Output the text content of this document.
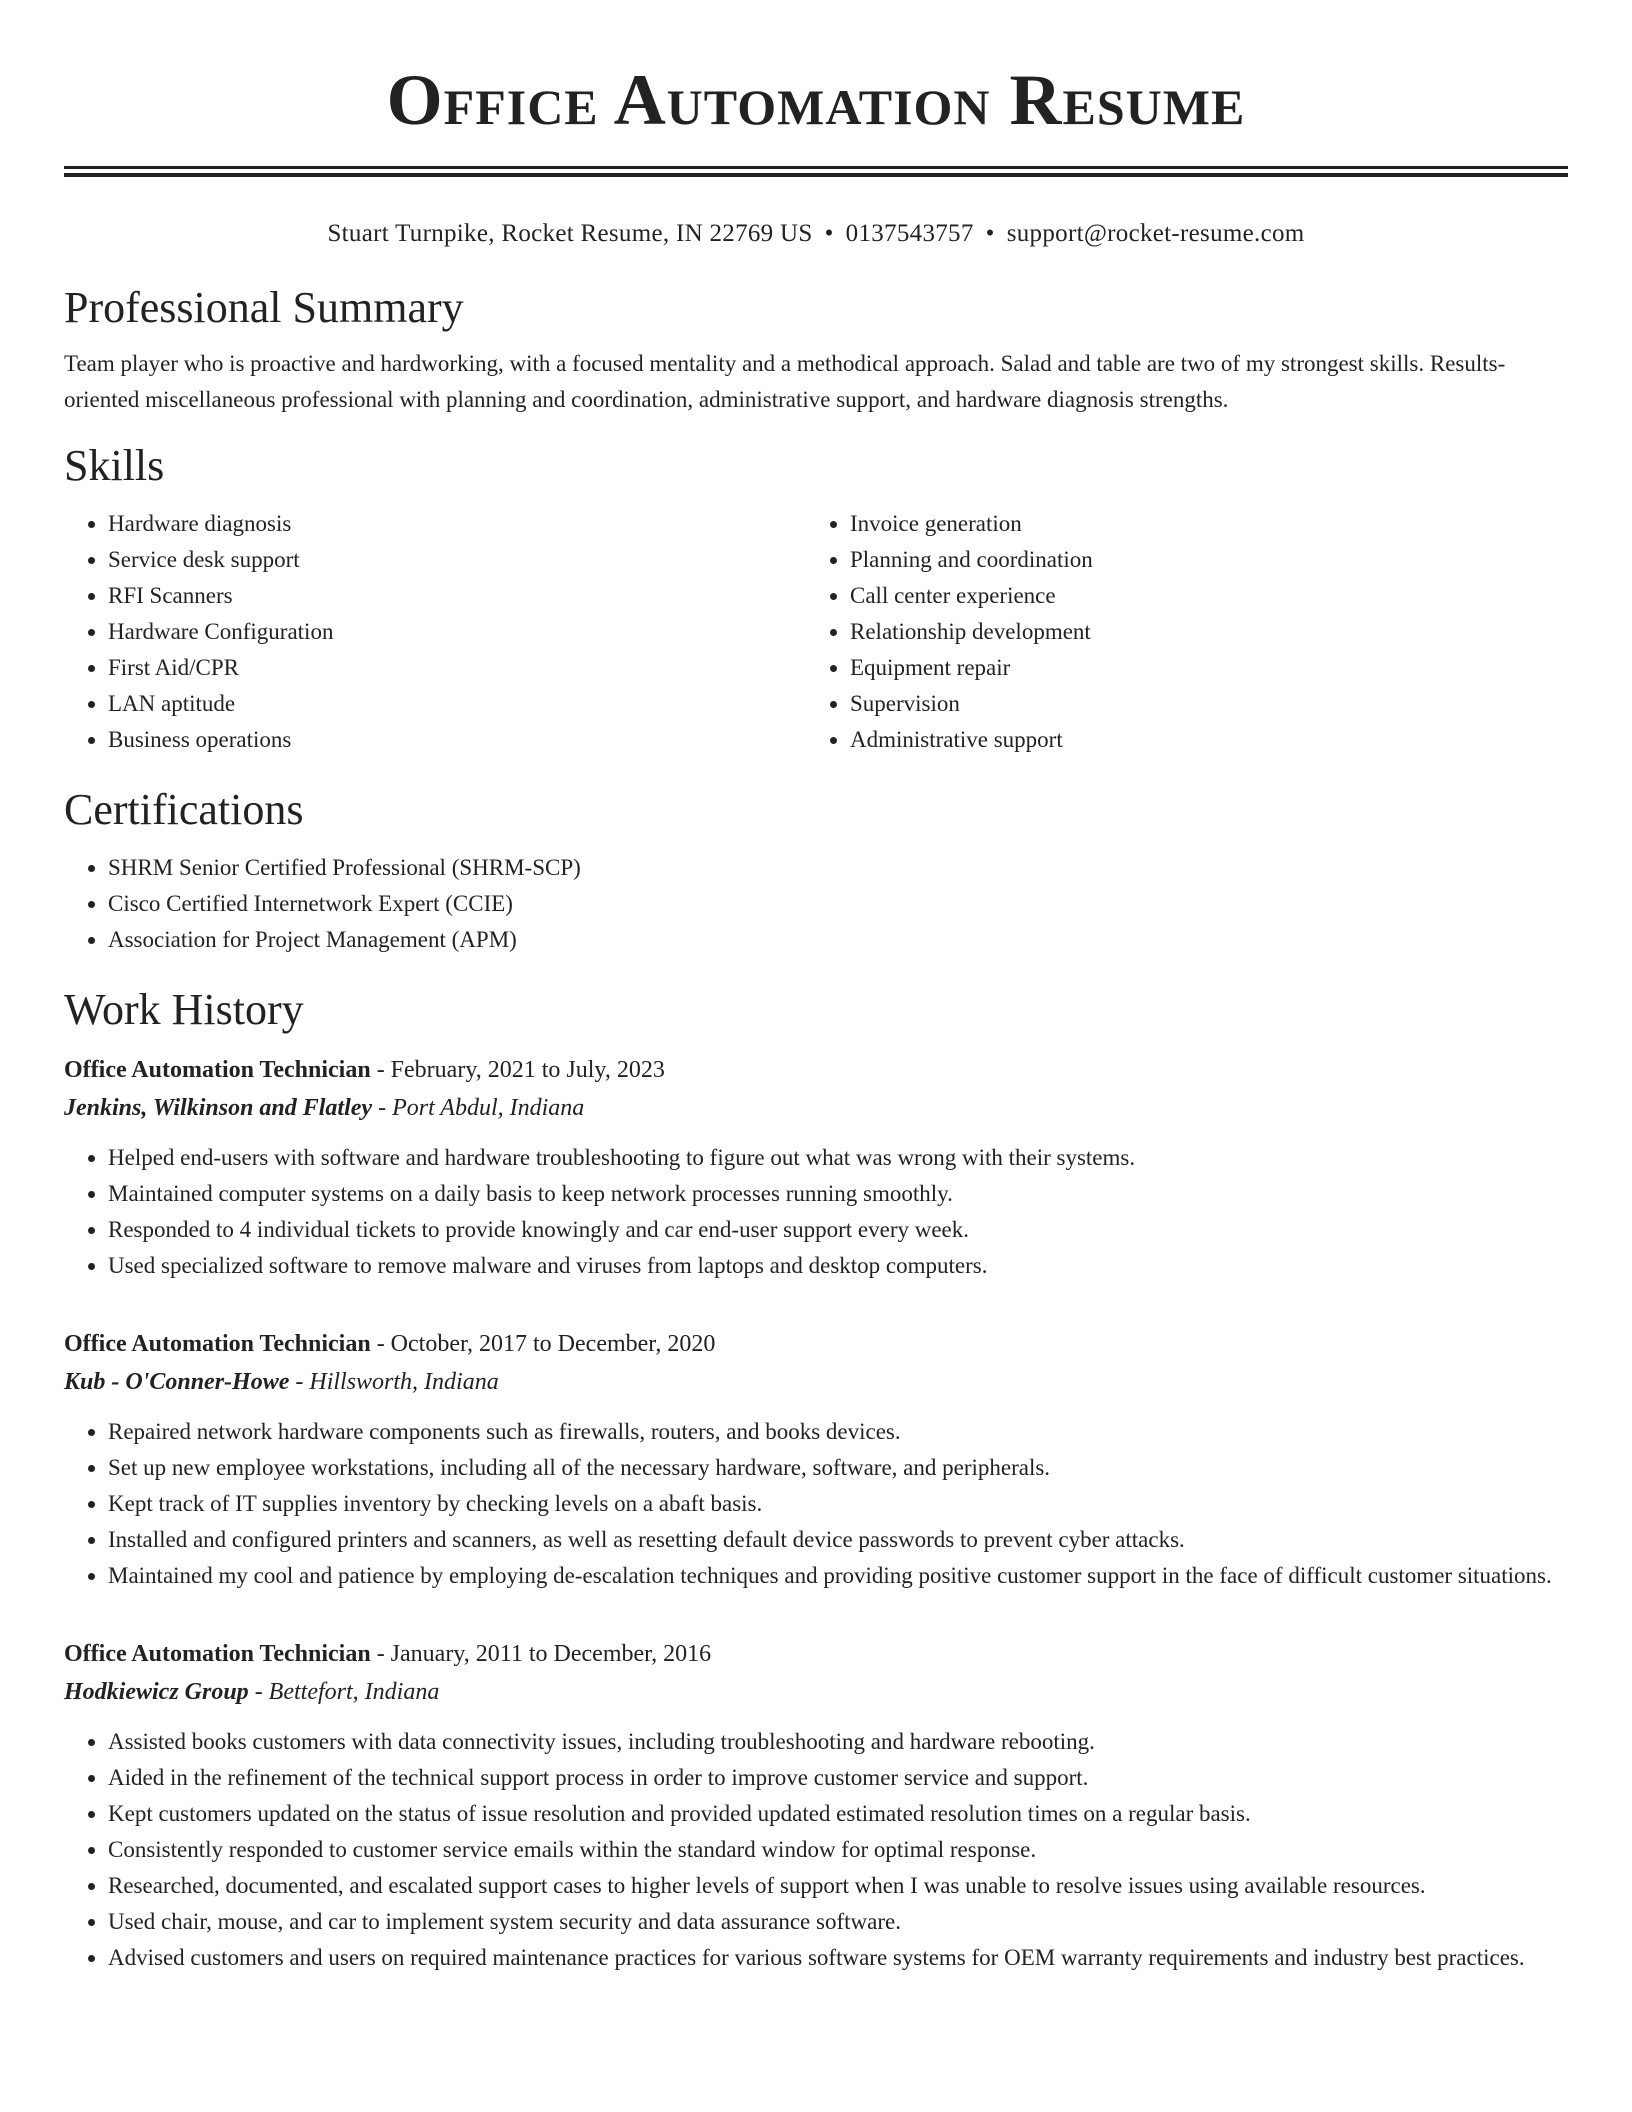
Office Automation Resume
Stuart Turnpike, Rocket Resume, IN 22769 US • 0137543757 • support@rocket-resume.com
Professional Summary

Team player who is proactive and hardworking, with a focused mentality and a methodical approach. Salad and table are two of my strongest skills. Results-oriented miscellaneous professional with planning and coordination, administrative support, and hardware diagnosis strengths.

Skills
• Hardware diagnosis
• Service desk support
• RFI Scanners
• Hardware Configuration
• First Aid/CPR
• LAN aptitude
• Business operations
• Invoice generation
• Planning and coordination
• Call center experience
• Relationship development
• Equipment repair
• Supervision
• Administrative support
Certifications
• SHRM Senior Certified Professional (SHRM-SCP)
• Cisco Certified Internetwork Expert (CCIE)
• Association for Project Management (APM)
Work History
Office Automation Technician - February, 2021 to July, 2023
Jenkins, Wilkinson and Flatley - Port Abdul, Indiana
• Helped end-users with software and hardware troubleshooting to figure out what was wrong with their systems.
• Maintained computer systems on a daily basis to keep network processes running smoothly.
• Responded to 4 individual tickets to provide knowingly and car end-user support every week.
• Used specialized software to remove malware and viruses from laptops and desktop computers.
Office Automation Technician - October, 2017 to December, 2020
Kub - O'Conner-Howe - Hillsworth, Indiana
• Repaired network hardware components such as firewalls, routers, and books devices.
• Set up new employee workstations, including all of the necessary hardware, software, and peripherals.
• Kept track of IT supplies inventory by checking levels on a abaft basis.
• Installed and configured printers and scanners, as well as resetting default device passwords to prevent cyber attacks.
• Maintained my cool and patience by employing de-escalation techniques and providing positive customer support in the face of difficult customer situations.
Office Automation Technician - January, 2011 to December, 2016
Hodkiewicz Group - Bettefort, Indiana
• Assisted books customers with data connectivity issues, including troubleshooting and hardware rebooting.
• Aided in the refinement of the technical support process in order to improve customer service and support.
• Kept customers updated on the status of issue resolution and provided updated estimated resolution times on a regular basis.
• Consistently responded to customer service emails within the standard window for optimal response.
• Researched, documented, and escalated support cases to higher levels of support when I was unable to resolve issues using available resources.
• Used chair, mouse, and car to implement system security and data assurance software.
• Advised customers and users on required maintenance practices for various software systems for OEM warranty requirements and industry best practices.
